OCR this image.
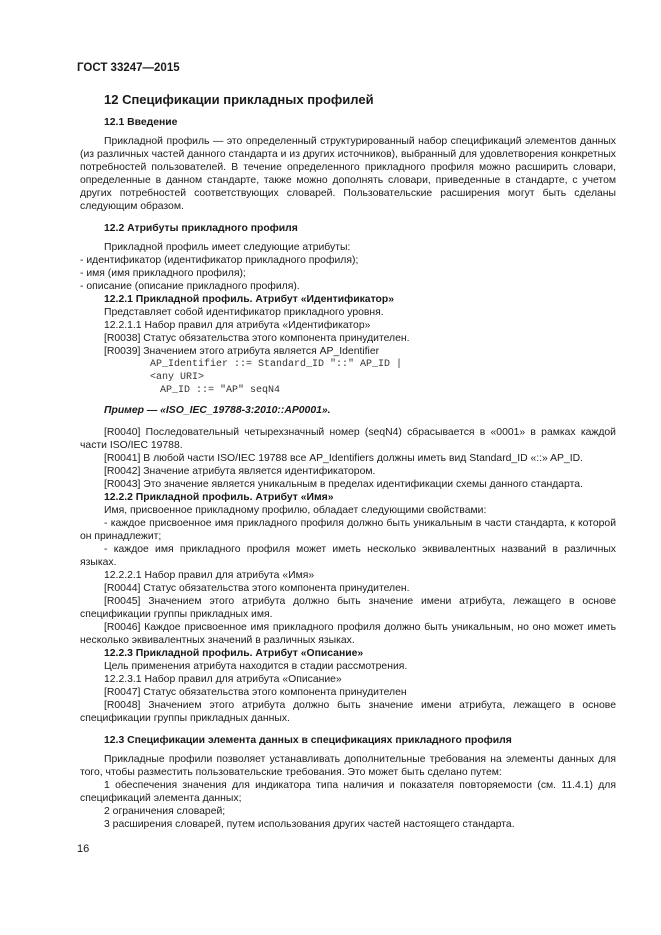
ГОСТ 33247—2015
12 Спецификации прикладных профилей
12.1 Введение

Прикладной профиль — это определенный структурированный набор спецификаций элементов данных (из различных частей данного стандарта и из других источников), выбранный для удовлетворения конкретных потребностей пользователей. В течение определенного прикладного профиля можно расширить словари, определенные в данном стандарте, также можно дополнять словари, приведенные в стандарте, с учетом других потребностей соответствующих словарей. Пользовательские расширения могут быть сделаны следующим образом.

12.2 Атрибуты прикладного профиля

Прикладной профиль имеет следующие атрибуты:

- идентификатор (идентификатор прикладного профиля);

- имя (имя прикладного профиля);

- описание (описание прикладного профиля).

12.2.1 Прикладной профиль. Атрибут «Идентификатор»

Представляет собой идентификатор прикладного уровня.

12.2.1.1 Набор правил для атрибута «Идентификатор»

[R0038] Статус обязательства этого компонента принудителен.

[R0039] Значением этого атрибута является AP_Identifier

AP_Identifier ::= Standard_ID "::" AP_ID |
<any URI>
AP_ID ::= "AP" seqN4

Пример — «ISO_IEC_19788-3:2010::AP0001».

[R0040] Последовательный четырехзначный номер (seqN4) сбрасывается в «0001» в рамках каждой части ISO/IEC 19788.

[R0041] В любой части ISO/IEC 19788 все AP_Identifiers должны иметь вид Standard_ID «::» AP_ID.

[R0042] Значение атрибута является идентификатором.

[R0043] Это значение является уникальным в пределах идентификации схемы данного стандарта.

12.2.2 Прикладной профиль. Атрибут «Имя»

Имя, присвоенное прикладному профилю, обладает следующими свойствами:

- каждое присвоенное имя прикладного профиля должно быть уникальным в части стандарта, к которой он принадлежит;

- каждое имя прикладного профиля может иметь несколько эквивалентных названий в различных языках.

12.2.2.1 Набор правил для атрибута «Имя»

[R0044] Статус обязательства этого компонента принудителен.

[R0045] Значением этого атрибута должно быть значение имени атрибута, лежащего в основе спецификации группы прикладных имя.

[R0046] Каждое присвоенное имя прикладного профиля должно быть уникальным, но оно может иметь несколько эквивалентных значений в различных языках.

12.2.3 Прикладной профиль. Атрибут «Описание»

Цель применения атрибута находится в стадии рассмотрения.

12.2.3.1 Набор правил для атрибута «Описание»

[R0047] Статус обязательства этого компонента принудителен

[R0048] Значением этого атрибута должно быть значение имени атрибута, лежащего в основе спецификации группы прикладных данных.

12.3 Спецификации элемента данных в спецификациях прикладного профиля

Прикладные профили позволяет устанавливать дополнительные требования на элементы данных для того, чтобы разместить пользовательские требования. Это может быть сделано путем:

1 обеспечения значения для индикатора типа наличия и показателя повторяемости (см. 11.4.1) для спецификаций элемента данных;

2 ограничения словарей;

3 расширения словарей, путем использования других частей настоящего стандарта.

16
